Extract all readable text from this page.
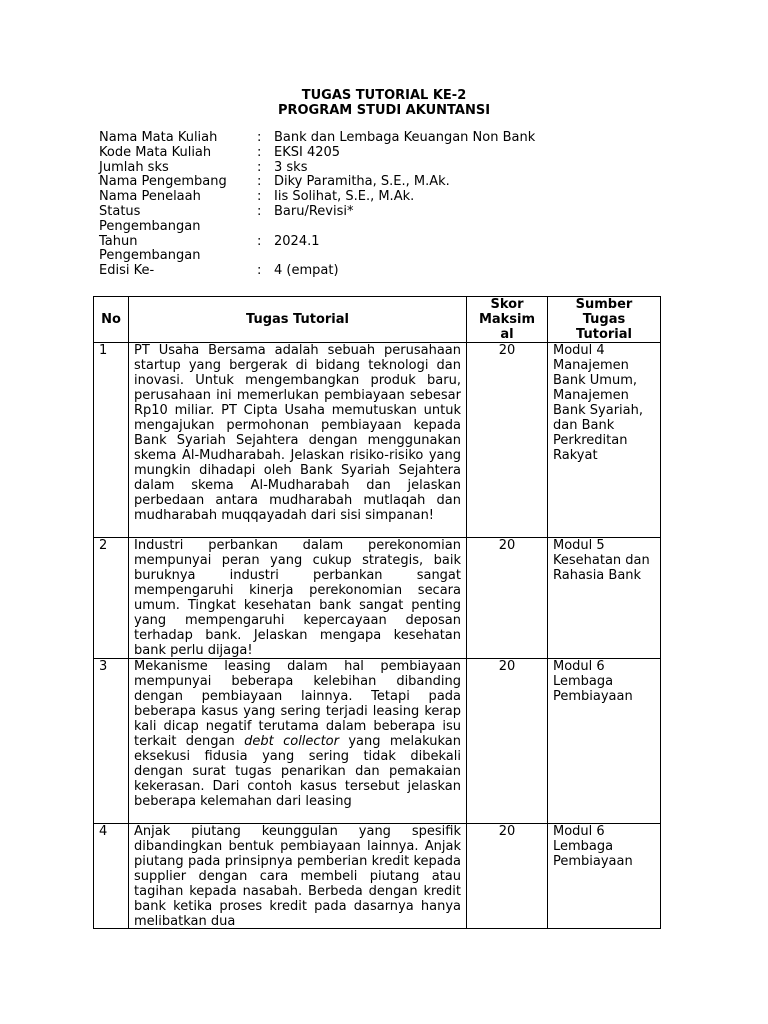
TUGAS TUTORIAL KE-2
PROGRAM STUDI AKUNTANSI
Nama Mata Kuliah	: Bank dan Lembaga Keuangan Non Bank
Kode Mata Kuliah	: EKSI 4205
Jumlah sks	: 3 sks
Nama Pengembang	: Diky Paramitha, S.E., M.Ak.
Nama Penelaah	: Iis Solihat, S.E., M.Ak.
Status
Pengembangan
: Baru/Revisi*
Tahun
Pengembangan
: 2024.1
Edisi Ke-	: 4 (empat)
No	Tugas Tutorial	Skor Maksim al	Sumber Tugas Tutorial
1	PT Usaha Bersama adalah sebuah perusahaan startup yang bergerak di bidang teknologi dan inovasi. Untuk mengembangkan produk baru, perusahaan ini memerlukan pembiayaan sebesar Rp10 miliar. PT Cipta Usaha memutuskan untuk mengajukan permohonan pembiayaan kepada Bank Syariah Sejahtera dengan menggunakan skema Al-Mudharabah. Jelaskan risiko-risiko yang mungkin dihadapi oleh Bank Syariah Sejahtera dalam skema Al-Mudharabah dan jelaskan perbedaan antara mudharabah mutlaqah dan mudharabah muqqayadah dari sisi simpanan!	20	Modul 4 Manajemen Bank Umum, Manajemen Bank Syariah, dan Bank Perkreditan Rakyat
2	Industri perbankan dalam perekonomian mempunyai peran yang cukup strategis, baik buruknya industri perbankan sangat mempengaruhi kinerja perekonomian secara umum. Tingkat kesehatan bank sangat penting yang mempengaruhi kepercayaan deposan terhadap bank. Jelaskan mengapa kesehatan bank perlu dijaga!	20	Modul 5 Kesehatan dan Rahasia Bank
3	Mekanisme leasing dalam hal pembiayaan mempunyai beberapa kelebihan dibanding dengan pembiayaan lainnya. Tetapi pada beberapa kasus yang sering terjadi leasing kerap kali dicap negatif terutama dalam beberapa isu terkait dengan debt collector yang melakukan eksekusi fidusia yang sering tidak dibekali dengan surat tugas penarikan dan pemakaian kekerasan. Dari contoh kasus tersebut jelaskan beberapa kelemahan dari leasing	20	Modul 6 Lembaga Pembiayaan
4	Anjak piutang keunggulan yang spesifik dibandingkan bentuk pembiayaan lainnya. Anjak piutang pada prinsipnya pemberian kredit kepada supplier dengan cara membeli piutang atau tagihan kepada nasabah. Berbeda dengan kredit bank ketika proses kredit pada dasarnya hanya melibatkan dua	20	Modul 6 Lembaga Pembiayaan
